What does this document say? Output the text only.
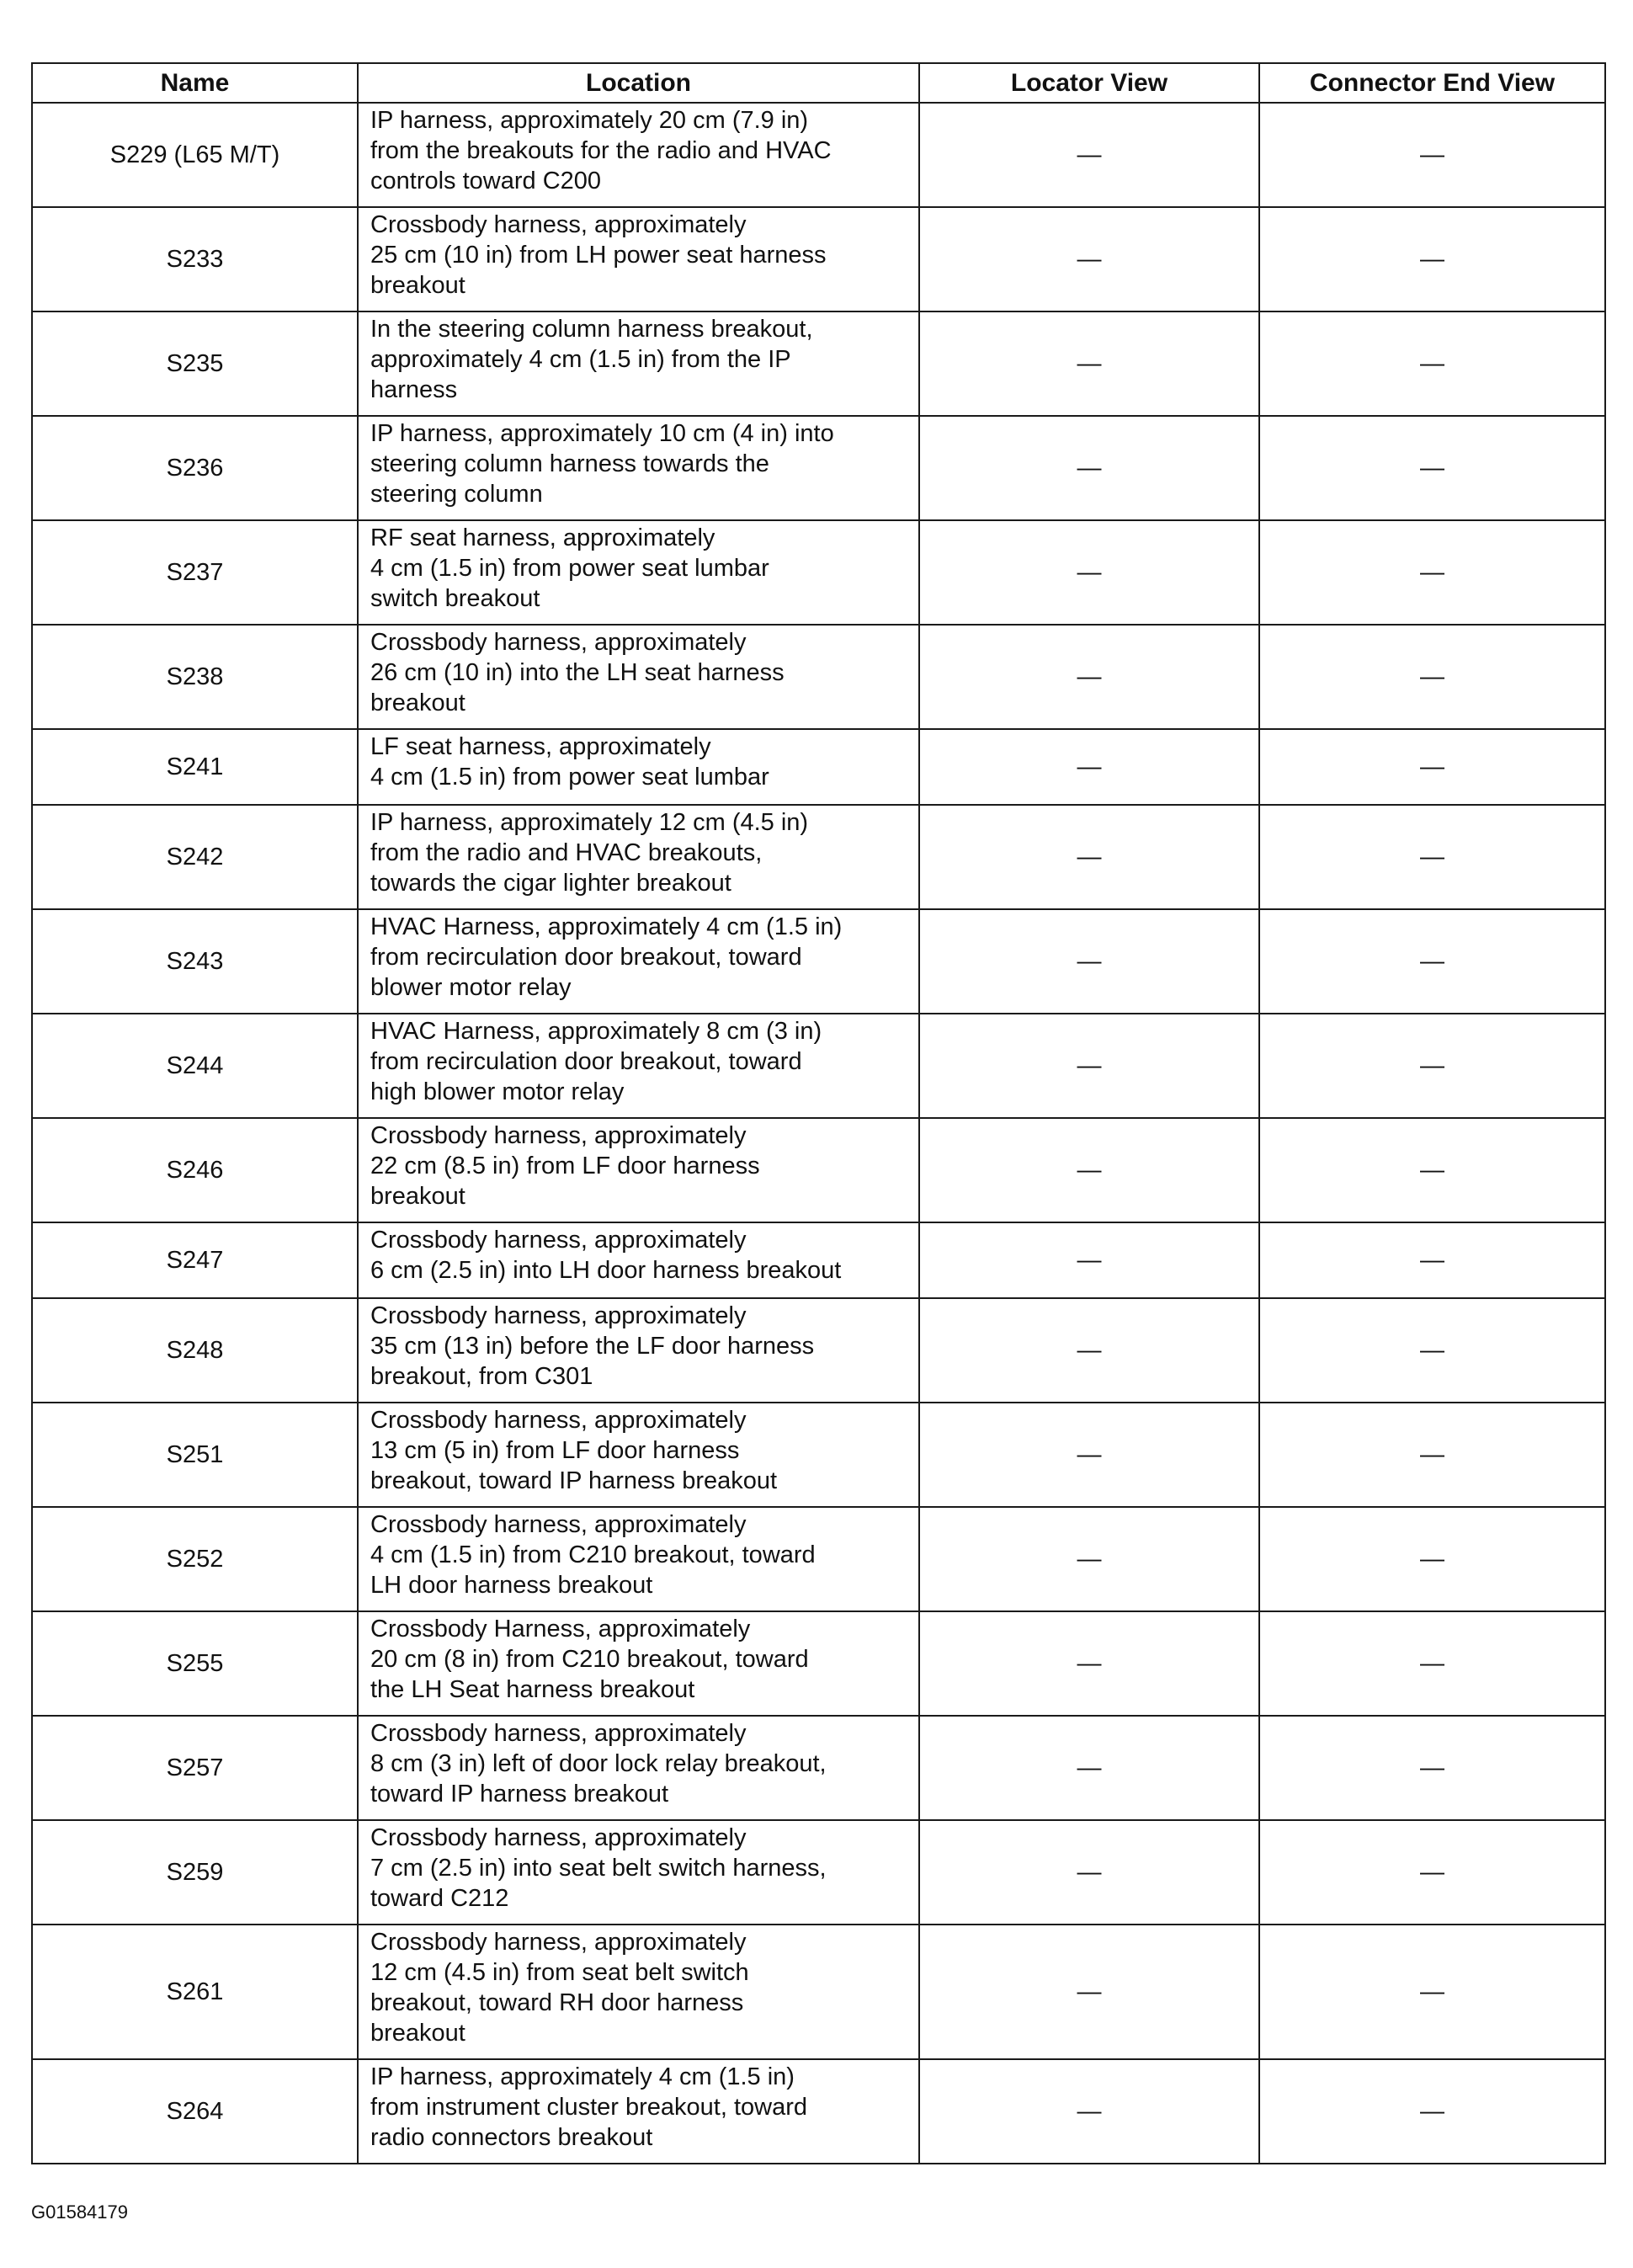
Name	Location	Locator View	Connector End View
S229 (L65 M/T)	IP harness, approximately 20 cm (7.9 in)
from the breakouts for the radio and HVAC
controls toward C200	—	—
S233	Crossbody harness, approximately
25 cm (10 in) from LH power seat harness
breakout	—	—
S235	In the steering column harness breakout,
approximately 4 cm (1.5 in) from the IP
harness	—	—
S236	IP harness, approximately 10 cm (4 in) into
steering column harness towards the
steering column	—	—
S237	RF seat harness, approximately
4 cm (1.5 in) from power seat lumbar
switch breakout	—	—
S238	Crossbody harness, approximately
26 cm (10 in) into the LH seat harness
breakout	—	—
S241	LF seat harness, approximately
4 cm (1.5 in) from power seat lumbar	—	—
S242	IP harness, approximately 12 cm (4.5 in)
from the radio and HVAC breakouts,
towards the cigar lighter breakout	—	—
S243	HVAC Harness, approximately 4 cm (1.5 in)
from recirculation door breakout, toward
blower motor relay	—	—
S244	HVAC Harness, approximately 8 cm (3 in)
from recirculation door breakout, toward
high blower motor relay	—	—
S246	Crossbody harness, approximately
22 cm (8.5 in) from LF door harness
breakout	—	—
S247	Crossbody harness, approximately
6 cm (2.5 in) into LH door harness breakout	—	—
S248	Crossbody harness, approximately
35 cm (13 in) before the LF door harness
breakout, from C301	—	—
S251	Crossbody harness, approximately
13 cm (5 in) from LF door harness
breakout, toward IP harness breakout	—	—
S252	Crossbody harness, approximately
4 cm (1.5 in) from C210 breakout, toward
LH door harness breakout	—	—
S255	Crossbody Harness, approximately
20 cm (8 in) from C210 breakout, toward
the LH Seat harness breakout	—	—
S257	Crossbody harness, approximately
8 cm (3 in) left of door lock relay breakout,
toward IP harness breakout	—	—
S259	Crossbody harness, approximately
7 cm (2.5 in) into seat belt switch harness,
toward C212	—	—
S261	Crossbody harness, approximately
12 cm (4.5 in) from seat belt switch
breakout, toward RH door harness
breakout	—	—
S264	IP harness, approximately 4 cm (1.5 in)
from instrument cluster breakout, toward
radio connectors breakout	—	—
G01584179
